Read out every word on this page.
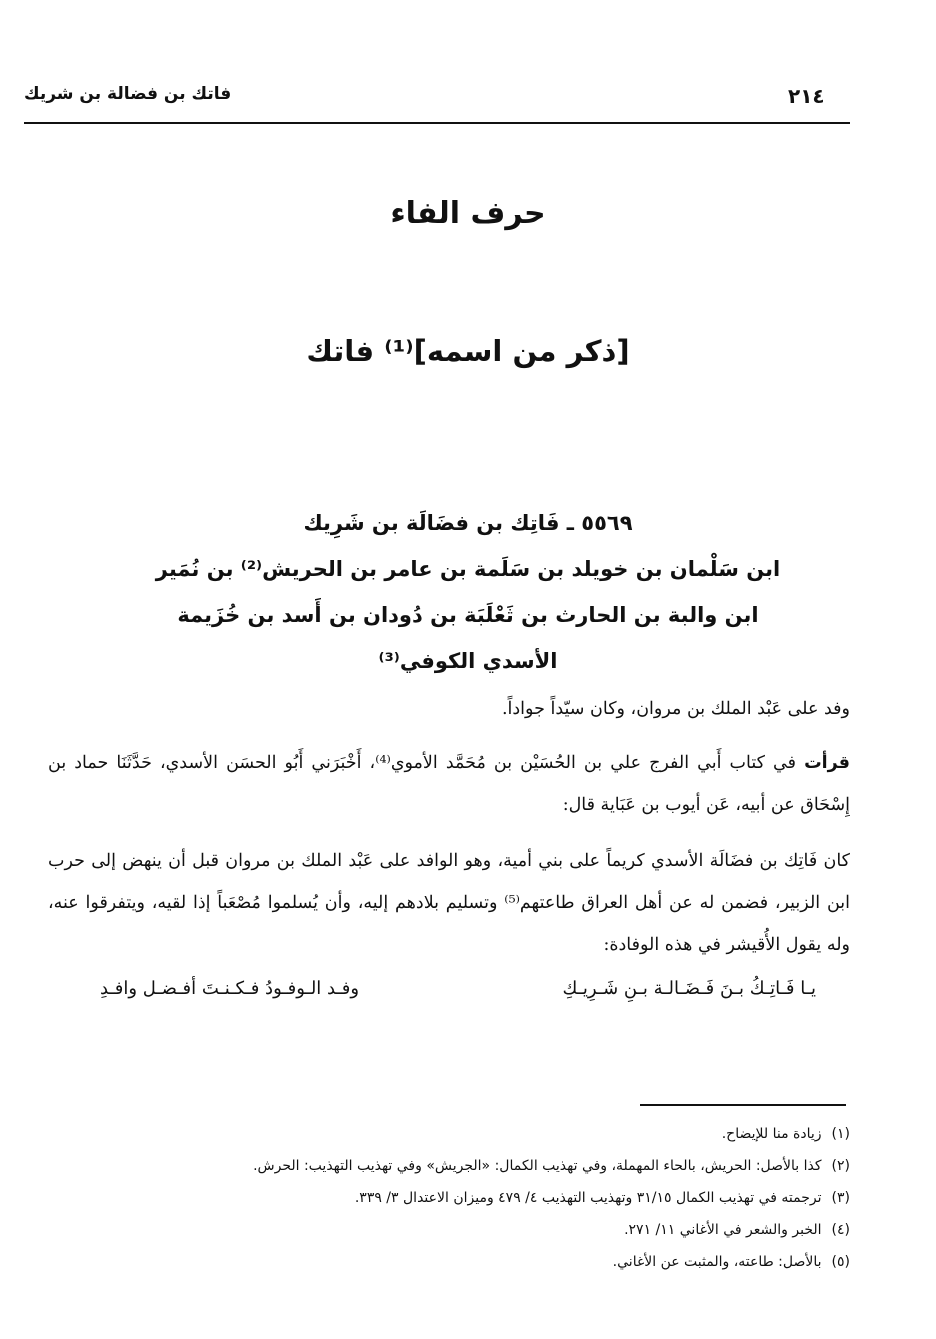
٢١٤
فاتك بن فضالة بن شريك
حرف الفاء
[ذكر من اسمه]⁽¹⁾ فاتك
٥٥٦٩ ـ فَاتِك بن فضَالَة بن شَرِيك
ابن سَلْمان بن خويلد بن سَلَمة بن عامر بن الحريش⁽²⁾ بن نُمَير
ابن والبة بن الحارث بن ثَعْلَبَة بن دُودان بن أَسد بن خُزَيمة
الأسدي الكوفي⁽³⁾
وفد على عَبْد الملك بن مروان، وكان سيّداً جواداً.
قرأت في كتاب أَبي الفرج علي بن الحُسَيْن بن مُحَمَّد الأموي⁽⁴⁾، أَخْبَرَني أَبُو الحسَن الأسدي، حَدَّثَنَا حماد بن إِسْحَاق عن أبيه، عَن أيوب بن عَبَاية قال:
كان فَاتِك بن فضَالَة الأسدي كريماً على بني أمية، وهو الوافد على عَبْد الملك بن مروان قبل أن ينهض إلى حرب ابن الزبير، فضمن له عن أهل العراق طاعتهم⁽⁵⁾ وتسليم بلادهم إليه، وأن يُسلموا مُصْعَباً إذا لقيه، ويتفرقوا عنه، وله يقول الأُقيشر في هذه الوفادة:
يـا فَـاتِـكُ بـنَ فَـضَـالـة بـنِ شَـرِيـكِ
وفـد الـوفـودُ فـكـنـتَ أفـضـل وافـدِ
(١)زيادة منا للإيضاح.
(٢)كذا بالأصل: الحريش، بالحاء المهملة، وفي تهذيب الكمال: «الجريش» وفي تهذيب التهذيب: الحرش.
(٣)ترجمته في تهذيب الكمال ٣١/١٥ وتهذيب التهذيب ٤/ ٤٧٩ وميزان الاعتدال ٣/ ٣٣٩.
(٤)الخبر والشعر في الأغاني ١١/ ٢٧١.
(٥)بالأصل: طاعته، والمثبت عن الأغاني.
